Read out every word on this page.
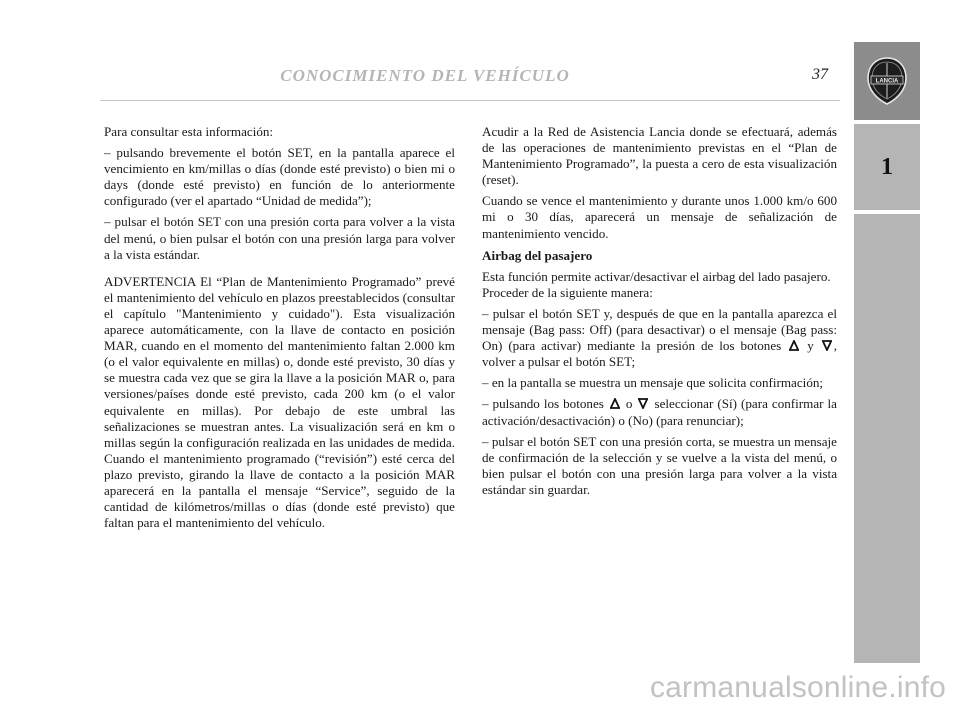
CONOCIMIENTO DEL VEHÍCULO	37	LANCIA
1

Para consultar esta información:

– pulsando brevemente el botón SET, en la pantalla aparece el vencimiento en km/millas o días (donde esté previsto) o bien mi o days (donde esté previsto) en función de lo anteriormente configurado (ver el apartado “Unidad de medida”);

– pulsar el botón SET con una presión corta para volver a la vista del menú, o bien pulsar el botón con una presión larga para volver a la vista estándar.

ADVERTENCIA El “Plan de Mantenimiento Programado” prevé el mantenimiento del vehículo en plazos preestablecidos (consultar el capítulo "Mantenimiento y cuidado"). Esta visualización aparece automáticamente, con la llave de contacto en posición MAR, cuando en el momento del mantenimiento faltan 2.000 km (o el valor equivalente en millas) o, donde esté previsto, 30 días y se muestra cada vez que se gira la llave a la posición MAR o, para versiones/países donde esté previsto, cada 200 km (o el valor equivalente en millas). Por debajo de este umbral las señalizaciones se muestran antes. La visualización será en km o millas según la configuración realizada en las unidades de medida. Cuando el mantenimiento programado (“revisión”) esté cerca del plazo previsto, girando la llave de contacto a la posición MAR aparecerá en la pantalla el mensaje “Service”, seguido de la cantidad de kilómetros/millas o días (donde esté previsto) que faltan para el mantenimiento del vehículo.

Acudir a la Red de Asistencia Lancia donde se efectuará, además de las operaciones de mantenimiento previstas en el “Plan de Mantenimiento Programado”, la puesta a cero de esta visualización (reset).

Cuando se vence el mantenimiento y durante unos 1.000 km/o 600 mi o 30 días, aparecerá un mensaje de señalización de mantenimiento vencido.

Airbag del pasajero

Esta función permite activar/desactivar el airbag del lado pasajero.
Proceder de la siguiente manera:

– pulsar el botón SET y, después de que en la pantalla aparezca el mensaje (Bag pass: Off) (para desactivar) o el mensaje (Bag pass: On) (para activar) mediante la presión de los botones y , volver a pulsar el botón SET;

– en la pantalla se muestra un mensaje que solicita confirmación;

– pulsando los botones o seleccionar (Sí) (para confirmar la activación/desactivación) o (No) (para renunciar);

– pulsar el botón SET con una presión corta, se muestra un mensaje de confirmación de la selección y se vuelve a la vista del menú, o bien pulsar el botón con una presión larga para volver a la vista estándar sin guardar.

carmanualsonline.info
